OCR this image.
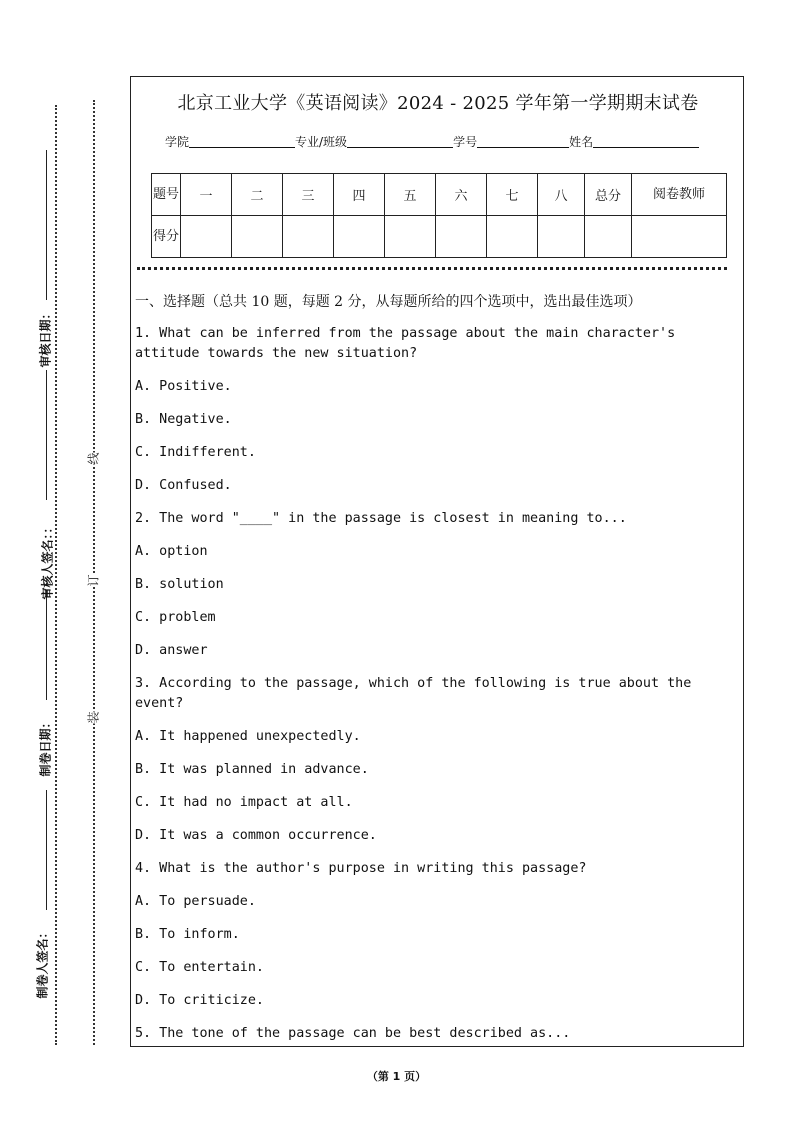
审核日期：
审核人签名：：
制卷日期：
制卷人签名：
线
订
装
北京工业大学《英语阅读》2024 - 2025 学年第一学期期末试卷
学院	专业/班级	学号	姓名
题号	一	二	三	四	五	六	七	八	总分	阅卷教师
得分										
一、选择题（总共 10 题，每题 2 分，从每题所给的四个选项中，选出最佳选项）
1. What can be inferred from the passage about the main character's attitude towards the new situation?
A. Positive.
B. Negative.
C. Indifferent.
D. Confused.
2. The word "____" in the passage is closest in meaning to...
A. option
B. solution
C. problem
D. answer
3. According to the passage, which of the following is true about the event?
A. It happened unexpectedly.
B. It was planned in advance.
C. It had no impact at all.
D. It was a common occurrence.
4. What is the author's purpose in writing this passage?
A. To persuade.
B. To inform.
C. To entertain.
D. To criticize.
5. The tone of the passage can be best described as...
（第 1 页）
